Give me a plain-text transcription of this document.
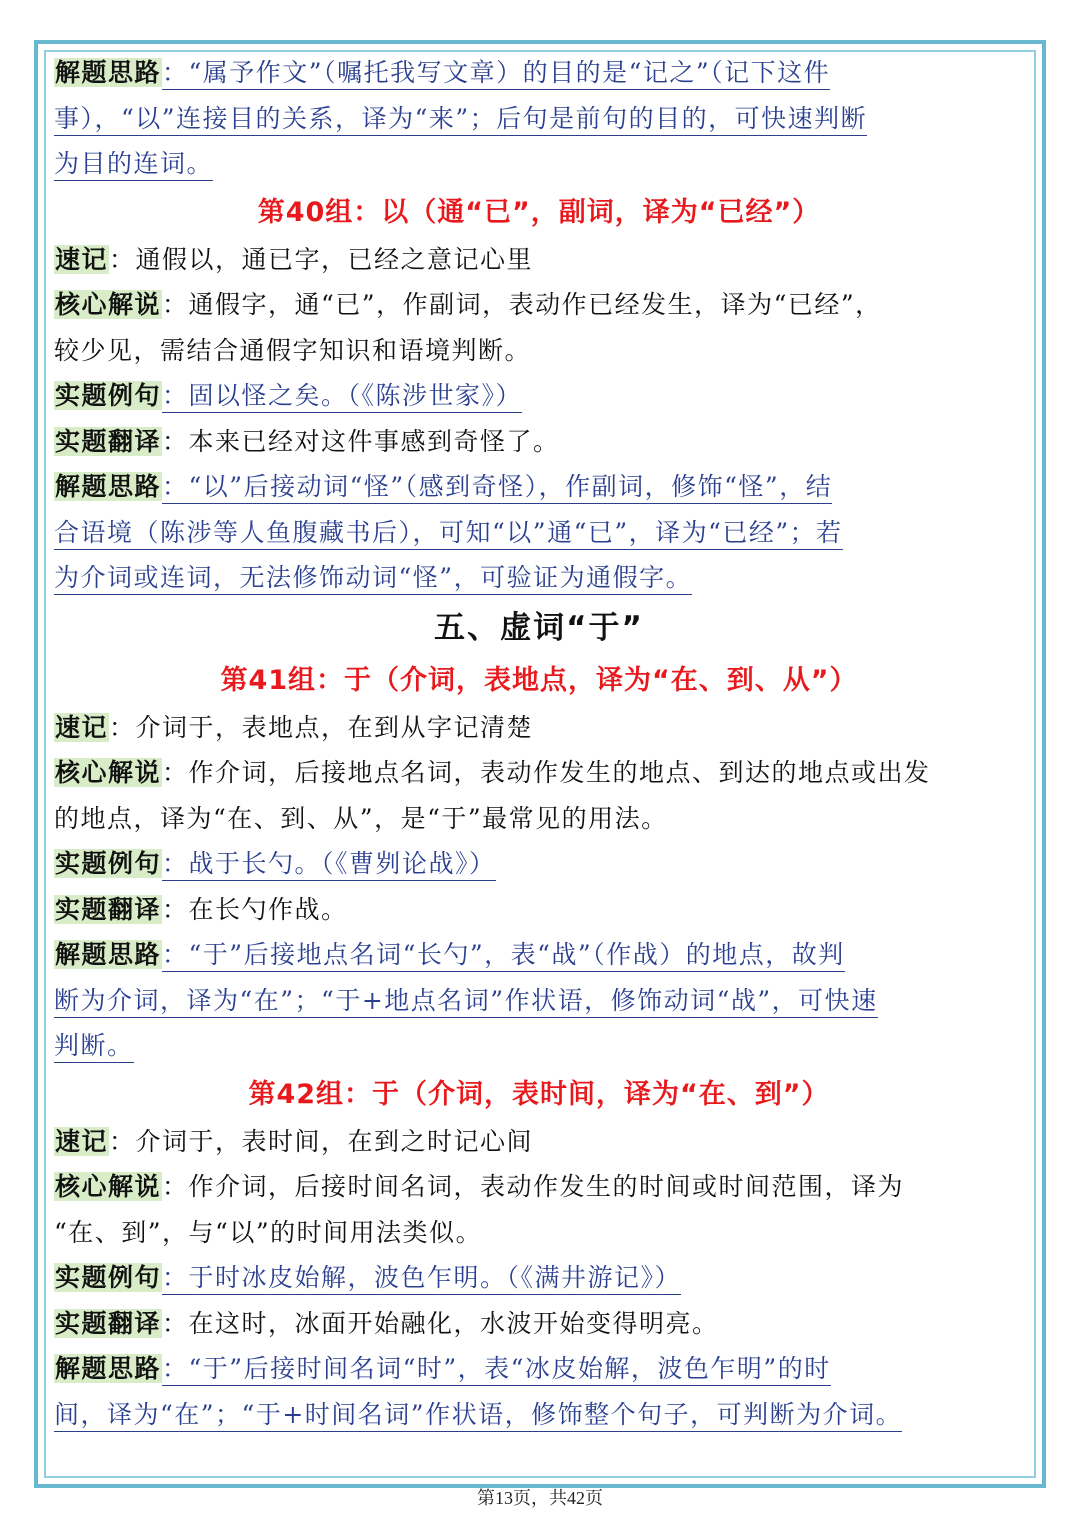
解题思路：“属予作文”（嘱托我写文章）的目的是“记之”（记下这件
事），“以”连接目的关系，译为“来”；后句是前句的目的，可快速判断
为目的连词。
第40组：以（通“已”，副词，译为“已经”）
速记：通假以，通已字，已经之意记心里
核心解说：通假字，通“已”，作副词，表动作已经发生，译为“已经”，
较少见，需结合通假字知识和语境判断。
实题例句：固以怪之矣。（《陈涉世家》）
实题翻译：本来已经对这件事感到奇怪了。
解题思路：“以”后接动词“怪”（感到奇怪），作副词，修饰“怪”，结
合语境（陈涉等人鱼腹藏书后），可知“以”通“已”，译为“已经”；若
为介词或连词，无法修饰动词“怪”，可验证为通假字。
五、虚词“于”
第41组：于（介词，表地点，译为“在、到、从”）
速记：介词于，表地点，在到从字记清楚
核心解说：作介词，后接地点名词，表动作发生的地点、到达的地点或出发
的地点，译为“在、到、从”，是“于”最常见的用法。
实题例句：战于长勺。（《曹刿论战》）
实题翻译：在长勺作战。
解题思路：“于”后接地点名词“长勺”，表“战”（作战）的地点，故判
断为介词，译为“在”；“于+地点名词”作状语，修饰动词“战”，可快速
判断。
第42组：于（介词，表时间，译为“在、到”）
速记：介词于，表时间，在到之时记心间
核心解说：作介词，后接时间名词，表动作发生的时间或时间范围，译为
“在、到”，与“以”的时间用法类似。
实题例句：于时冰皮始解，波色乍明。（《满井游记》）
实题翻译：在这时，冰面开始融化，水波开始变得明亮。
解题思路：“于”后接时间名词“时”，表“冰皮始解，波色乍明”的时
间，译为“在”；“于+时间名词”作状语，修饰整个句子，可判断为介词。
第13页，共42页
